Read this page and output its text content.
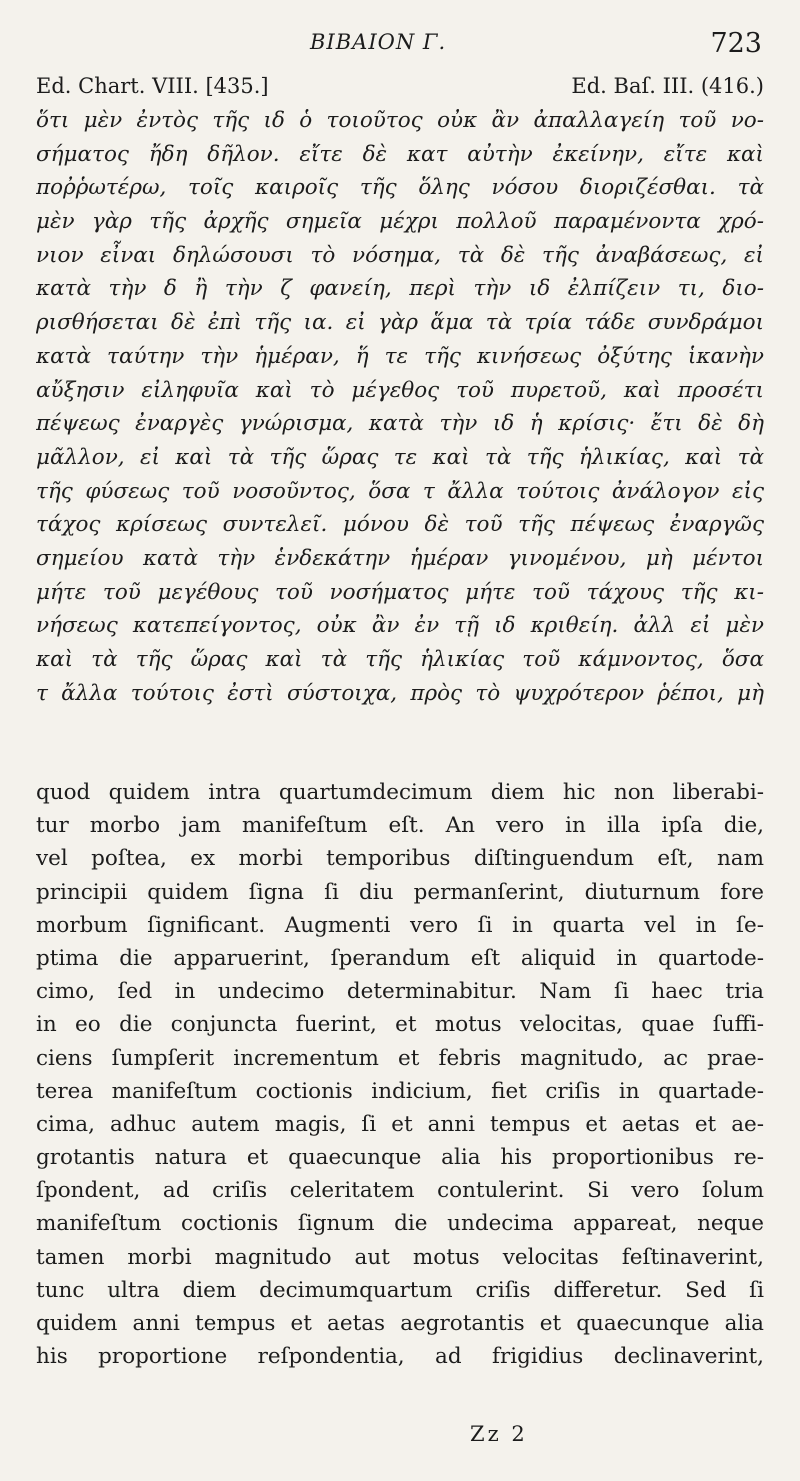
BIBAION Γ.	723
Ed. Chart. VIII. [435.]	Ed. Baſ. III. (416.)
ὅτι μὲν ἐντὸς τῆς ιδ ὁ τοιοῦτος οὐκ ἂν ἀπαλλαγείη τοῦ νο-
σήματος ἤδη δῆλον. εἴτε δὲ κατ αὐτὴν ἐκείνην, εἴτε καὶ
ποῤῥωτέρω, τοῖς καιροῖς τῆς ὅλης νόσου διοριζέσθαι. τὰ
μὲν γὰρ τῆς ἀρχῆς σημεῖα μέχρι πολλοῦ παραμένοντα χρό-
νιον εἶναι δηλώσουσι τὸ νόσημα, τὰ δὲ τῆς ἀναβάσεως, εἰ
κατὰ τὴν δ ἢ τὴν ζ φανείη, περὶ τὴν ιδ ἐλπίζειν τι, διο-
ρισθήσεται δὲ ἐπὶ τῆς ια. εἰ γὰρ ἅμα τὰ τρία τάδε συνδράμοι
κατὰ ταύτην τὴν ἡμέραν, ἥ τε τῆς κινήσεως ὀξύτης ἱκανὴν
αὔξησιν εἰληφυῖα καὶ τὸ μέγεθος τοῦ πυρετοῦ, καὶ προσέτι
πέψεως ἐναργὲς γνώρισμα, κατὰ τὴν ιδ ἡ κρίσις· ἔτι δὲ δὴ
μᾶλλον, εἰ καὶ τὰ τῆς ὥρας τε καὶ τὰ τῆς ἡλικίας, καὶ τὰ
τῆς φύσεως τοῦ νοσοῦντος, ὅσα τ ἄλλα τούτοις ἀνάλογον εἰς
τάχος κρίσεως συντελεῖ. μόνου δὲ τοῦ τῆς πέψεως ἐναργῶς
σημείου κατὰ τὴν ἑνδεκάτην ἡμέραν γινομένου, μὴ μέντοι
μήτε τοῦ μεγέθους τοῦ νοσήματος μήτε τοῦ τάχους τῆς κι-
νήσεως κατεπείγοντος, οὐκ ἂν ἐν τῇ ιδ κριθείη. ἀλλ εἰ μὲν
καὶ τὰ τῆς ὥρας καὶ τὰ τῆς ἡλικίας τοῦ κάμνοντος, ὅσα
τ ἄλλα τούτοις ἐστὶ σύστοιχα, πρὸς τὸ ψυχρότερον ῥέποι, μὴ
quod quidem intra quartumdecimum diem hic non liberabi-
tur morbo jam manifeſtum eſt. An vero in illa ipſa die,
vel poſtea, ex morbi temporibus diſtinguendum eſt, nam
principii quidem ſigna ſi diu permanſerint, diuturnum fore
morbum ſignificant. Augmenti vero ſi in quarta vel in ſe-
ptima die apparuerint, ſperandum eſt aliquid in quartode-
cimo, ſed in undecimo determinabitur. Nam ſi haec tria
in eo die conjuncta fuerint, et motus velocitas, quae ſuffi-
ciens ſumpſerit incrementum et febris magnitudo, ac prae-
terea manifeſtum coctionis indicium, fiet criſis in quartade-
cima, adhuc autem magis, ſi et anni tempus et aetas et ae-
grotantis natura et quaecunque alia his proportionibus re-
ſpondent, ad criſis celeritatem contulerint. Si vero ſolum
manifeſtum coctionis ſignum die undecima appareat, neque
tamen morbi magnitudo aut motus velocitas feſtinaverint,
tunc ultra diem decimumquartum criſis differetur. Sed ſi
quidem anni tempus et aetas aegrotantis et quaecunque alia
his proportione reſpondentia, ad frigidius declinaverint,
Zz 2
